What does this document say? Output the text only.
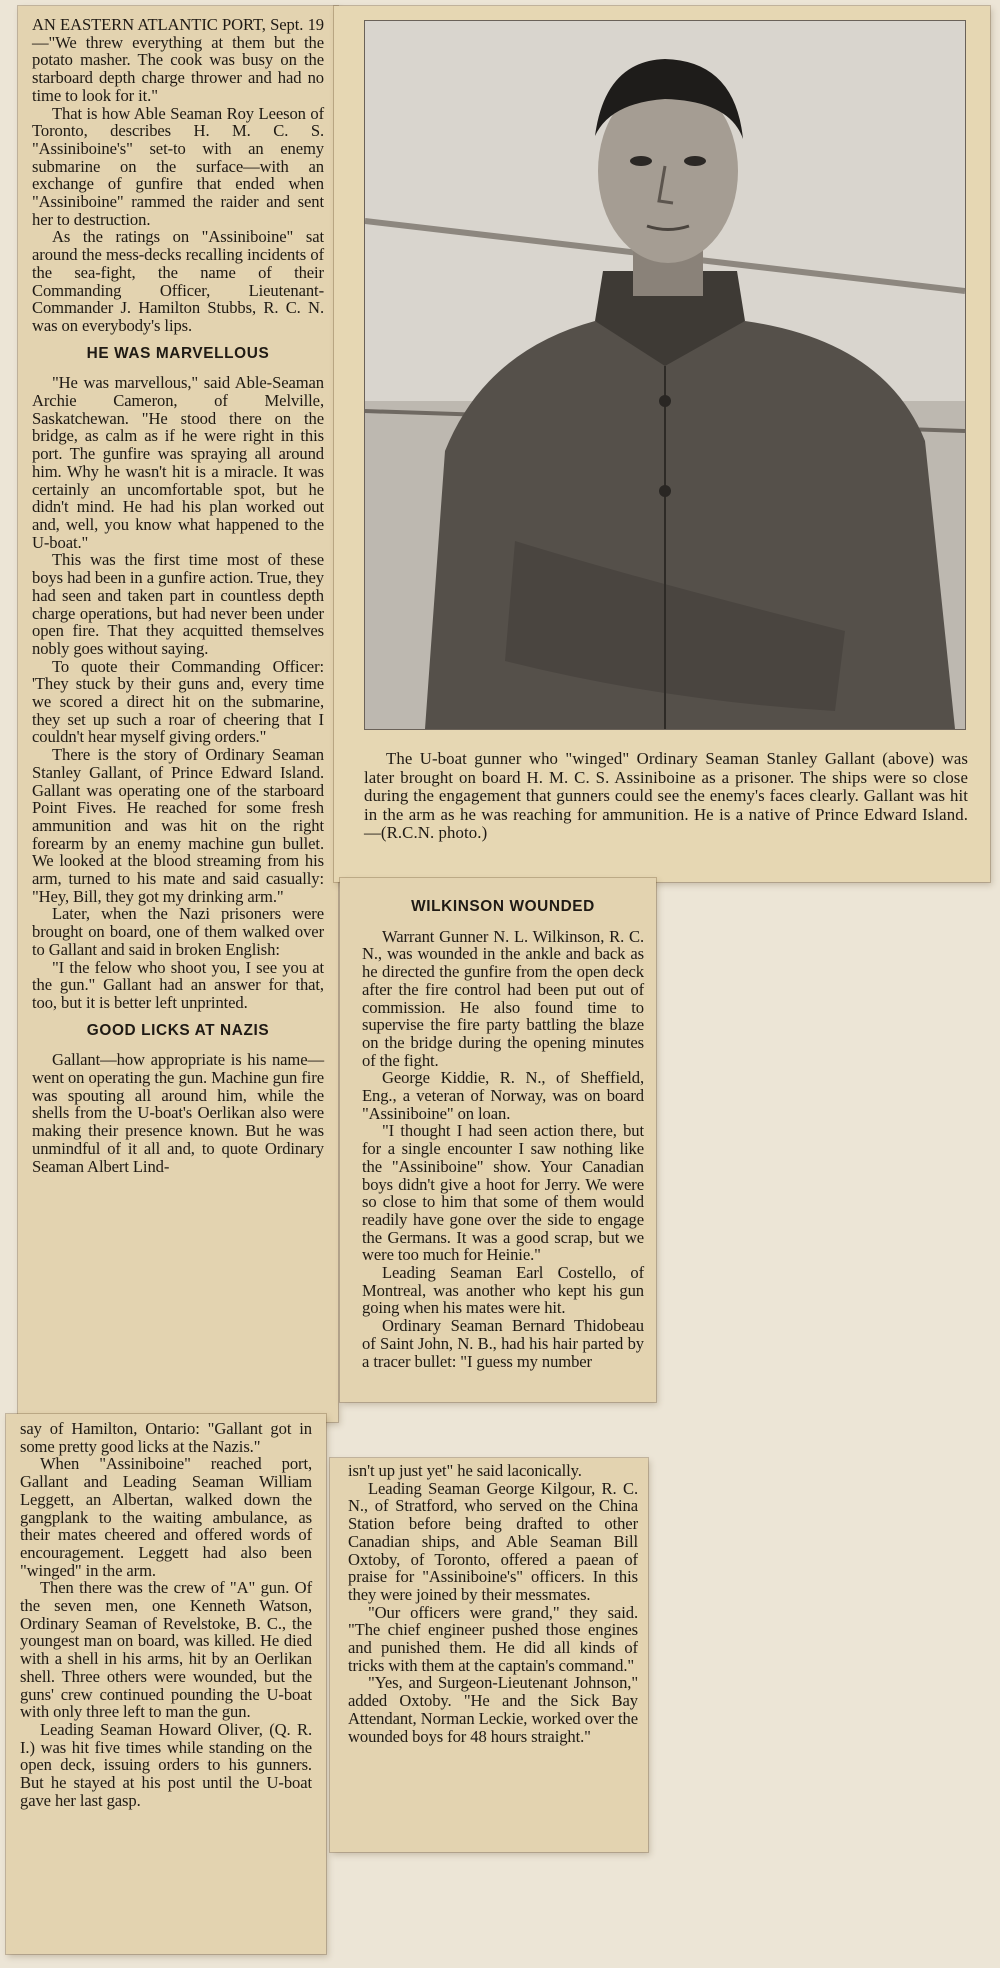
AN EASTERN ATLANTIC PORT, Sept. 19—"We threw everything at them but the potato masher. The cook was busy on the starboard depth charge thrower and had no time to look for it."

That is how Able Seaman Roy Leeson of Toronto, describes H. M. C. S. "Assiniboine's" set-to with an enemy submarine on the surface—with an exchange of gunfire that ended when "Assiniboine" rammed the raider and sent her to destruction.

As the ratings on "Assiniboine" sat around the mess-decks recalling incidents of the sea-fight, the name of their Commanding Officer, Lieutenant-Commander J. Hamilton Stubbs, R. C. N. was on everybody's lips.

HE WAS MARVELLOUS

"He was marvellous," said Able-Seaman Archie Cameron, of Melville, Saskatchewan. "He stood there on the bridge, as calm as if he were right in this port. The gunfire was spraying all around him. Why he wasn't hit is a miracle. It was certainly an uncomfortable spot, but he didn't mind. He had his plan worked out and, well, you know what happened to the U-boat."

This was the first time most of these boys had been in a gunfire action. True, they had seen and taken part in countless depth charge operations, but had never been under open fire. That they acquitted themselves nobly goes without saying.

To quote their Commanding Officer: 'They stuck by their guns and, every time we scored a direct hit on the submarine, they set up such a roar of cheering that I couldn't hear myself giving orders."

There is the story of Ordinary Seaman Stanley Gallant, of Prince Edward Island. Gallant was operating one of the starboard Point Fives. He reached for some fresh ammunition and was hit on the right forearm by an enemy machine gun bullet. We looked at the blood streaming from his arm, turned to his mate and said casually: "Hey, Bill, they got my drinking arm."

Later, when the Nazi prisoners were brought on board, one of them walked over to Gallant and said in broken English:

"I the felow who shoot you, I see you at the gun." Gallant had an answer for that, too, but it is better left unprinted.

GOOD LICKS AT NAZIS

Gallant—how appropriate is his name—went on operating the gun. Machine gun fire was spouting all around him, while the shells from the U-boat's Oerlikan also were making their presence known. But he was unmindful of it all and, to quote Ordinary Seaman Albert Lind-

say of Hamilton, Ontario: "Gallant got in some pretty good licks at the Nazis."

When "Assiniboine" reached port, Gallant and Leading Seaman William Leggett, an Albertan, walked down the gangplank to the waiting ambulance, as their mates cheered and offered words of encouragement. Leggett had also been "winged" in the arm.

Then there was the crew of "A" gun. Of the seven men, one Kenneth Watson, Ordinary Seaman of Revelstoke, B. C., the youngest man on board, was killed. He died with a shell in his arms, hit by an Oerlikan shell. Three others were wounded, but the guns' crew continued pounding the U-boat with only three left to man the gun.

Leading Seaman Howard Oliver, (Q. R. I.) was hit five times while standing on the open deck, issuing orders to his gunners. But he stayed at his post until the U-boat gave her last gasp.

The U-boat gunner who "winged" Ordinary Seaman Stanley Gallant (above) was later brought on board H. M. C. S. Assiniboine as a prisoner. The ships were so close during the engagement that gunners could see the enemy's faces clearly. Gallant was hit in the arm as he was reaching for ammunition. He is a native of Prince Edward Island.—(R.C.N. photo.)

WILKINSON WOUNDED

Warrant Gunner N. L. Wilkinson, R. C. N., was wounded in the ankle and back as he directed the gunfire from the open deck after the fire control had been put out of commission. He also found time to supervise the fire party battling the blaze on the bridge during the opening minutes of the fight.

George Kiddie, R. N., of Sheffield, Eng., a veteran of Norway, was on board "Assiniboine" on loan.

"I thought I had seen action there, but for a single encounter I saw nothing like the "Assiniboine" show. Your Canadian boys didn't give a hoot for Jerry. We were so close to him that some of them would readily have gone over the side to engage the Germans. It was a good scrap, but we were too much for Heinie."

Leading Seaman Earl Costello, of Montreal, was another who kept his gun going when his mates were hit.

Ordinary Seaman Bernard Thidobeau of Saint John, N. B., had his hair parted by a tracer bullet: "I guess my number

isn't up just yet" he said laconically.

Leading Seaman George Kilgour, R. C. N., of Stratford, who served on the China Station before being drafted to other Canadian ships, and Able Seaman Bill Oxtoby, of Toronto, offered a paean of praise for "Assiniboine's" officers. In this they were joined by their messmates.

"Our officers were grand," they said. "The chief engineer pushed those engines and punished them. He did all kinds of tricks with them at the captain's command."

"Yes, and Surgeon-Lieutenant Johnson," added Oxtoby. "He and the Sick Bay Attendant, Norman Leckie, worked over the wounded boys for 48 hours straight."
